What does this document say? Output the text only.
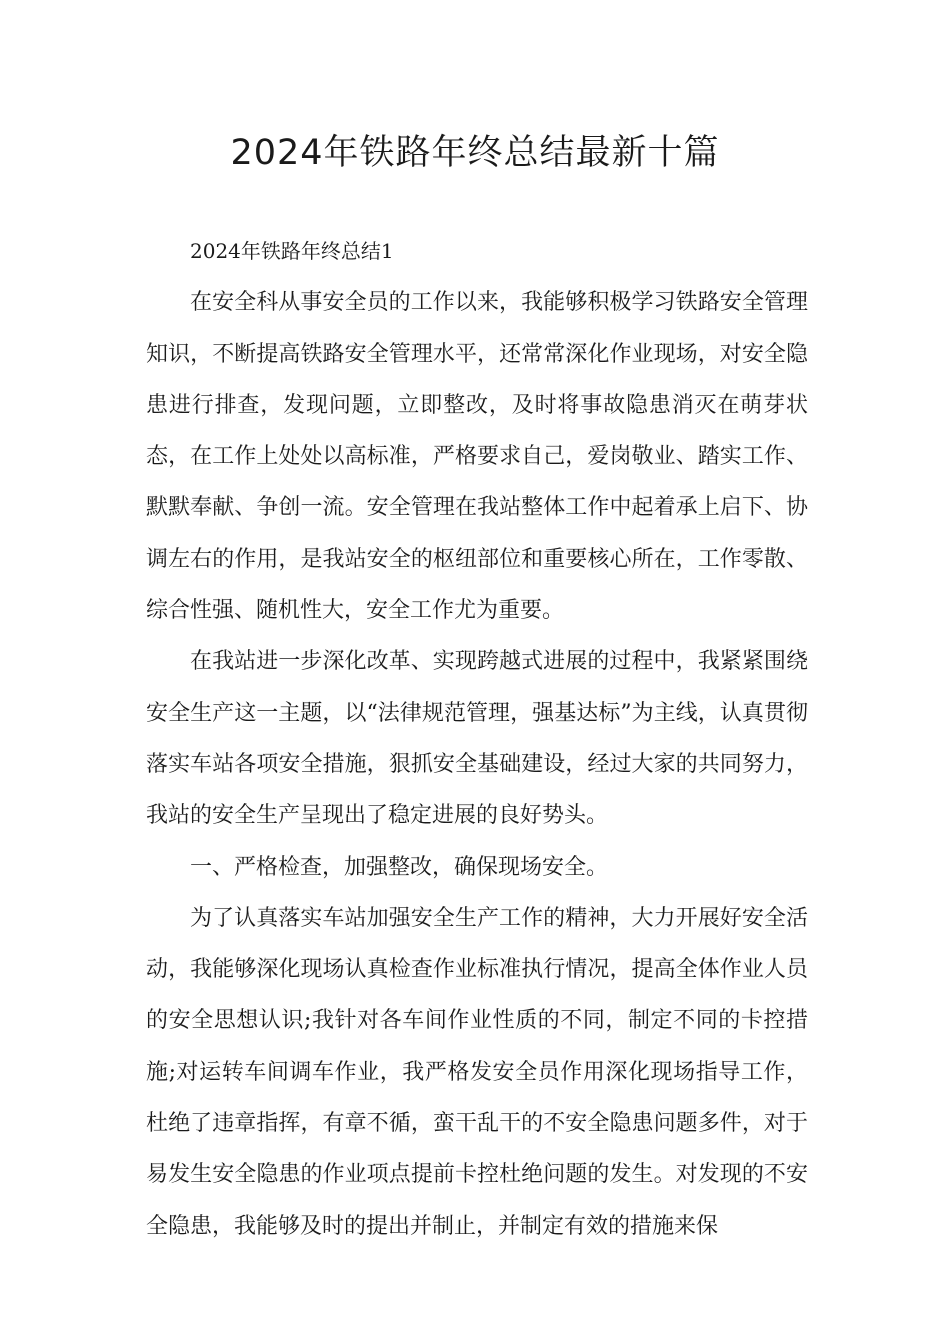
2024年铁路年终总结最新十篇

2024年铁路年终总结1

在安全科从事安全员的工作以来，我能够积极学习铁路安全管理知识，不断提高铁路安全管理水平，还常常深化作业现场，对安全隐患进行排查，发现问题，立即整改，及时将事故隐患消灭在萌芽状态，在工作上处处以高标准，严格要求自己，爱岗敬业、踏实工作、默默奉献、争创一流。安全管理在我站整体工作中起着承上启下、协调左右的作用，是我站安全的枢纽部位和重要核心所在，工作零散、综合性强、随机性大，安全工作尤为重要。

在我站进一步深化改革、实现跨越式进展的过程中，我紧紧围绕安全生产这一主题，以“法律规范管理，强基达标”为主线，认真贯彻落实车站各项安全措施，狠抓安全基础建设，经过大家的共同努力，我站的安全生产呈现出了稳定进展的良好势头。

一、严格检查，加强整改，确保现场安全。

为了认真落实车站加强安全生产工作的精神，大力开展好安全活动，我能够深化现场认真检查作业标准执行情况，提高全体作业人员的安全思想认识;我针对各车间作业性质的不同，制定不同的卡控措施;对运转车间调车作业，我严格发安全员作用深化现场指导工作，杜绝了违章指挥，有章不循，蛮干乱干的不安全隐患问题多件，对于易发生安全隐患的作业项点提前卡控杜绝问题的发生。对发现的不安全隐患，我能够及时的提出并制止，并制定有效的措施来保
